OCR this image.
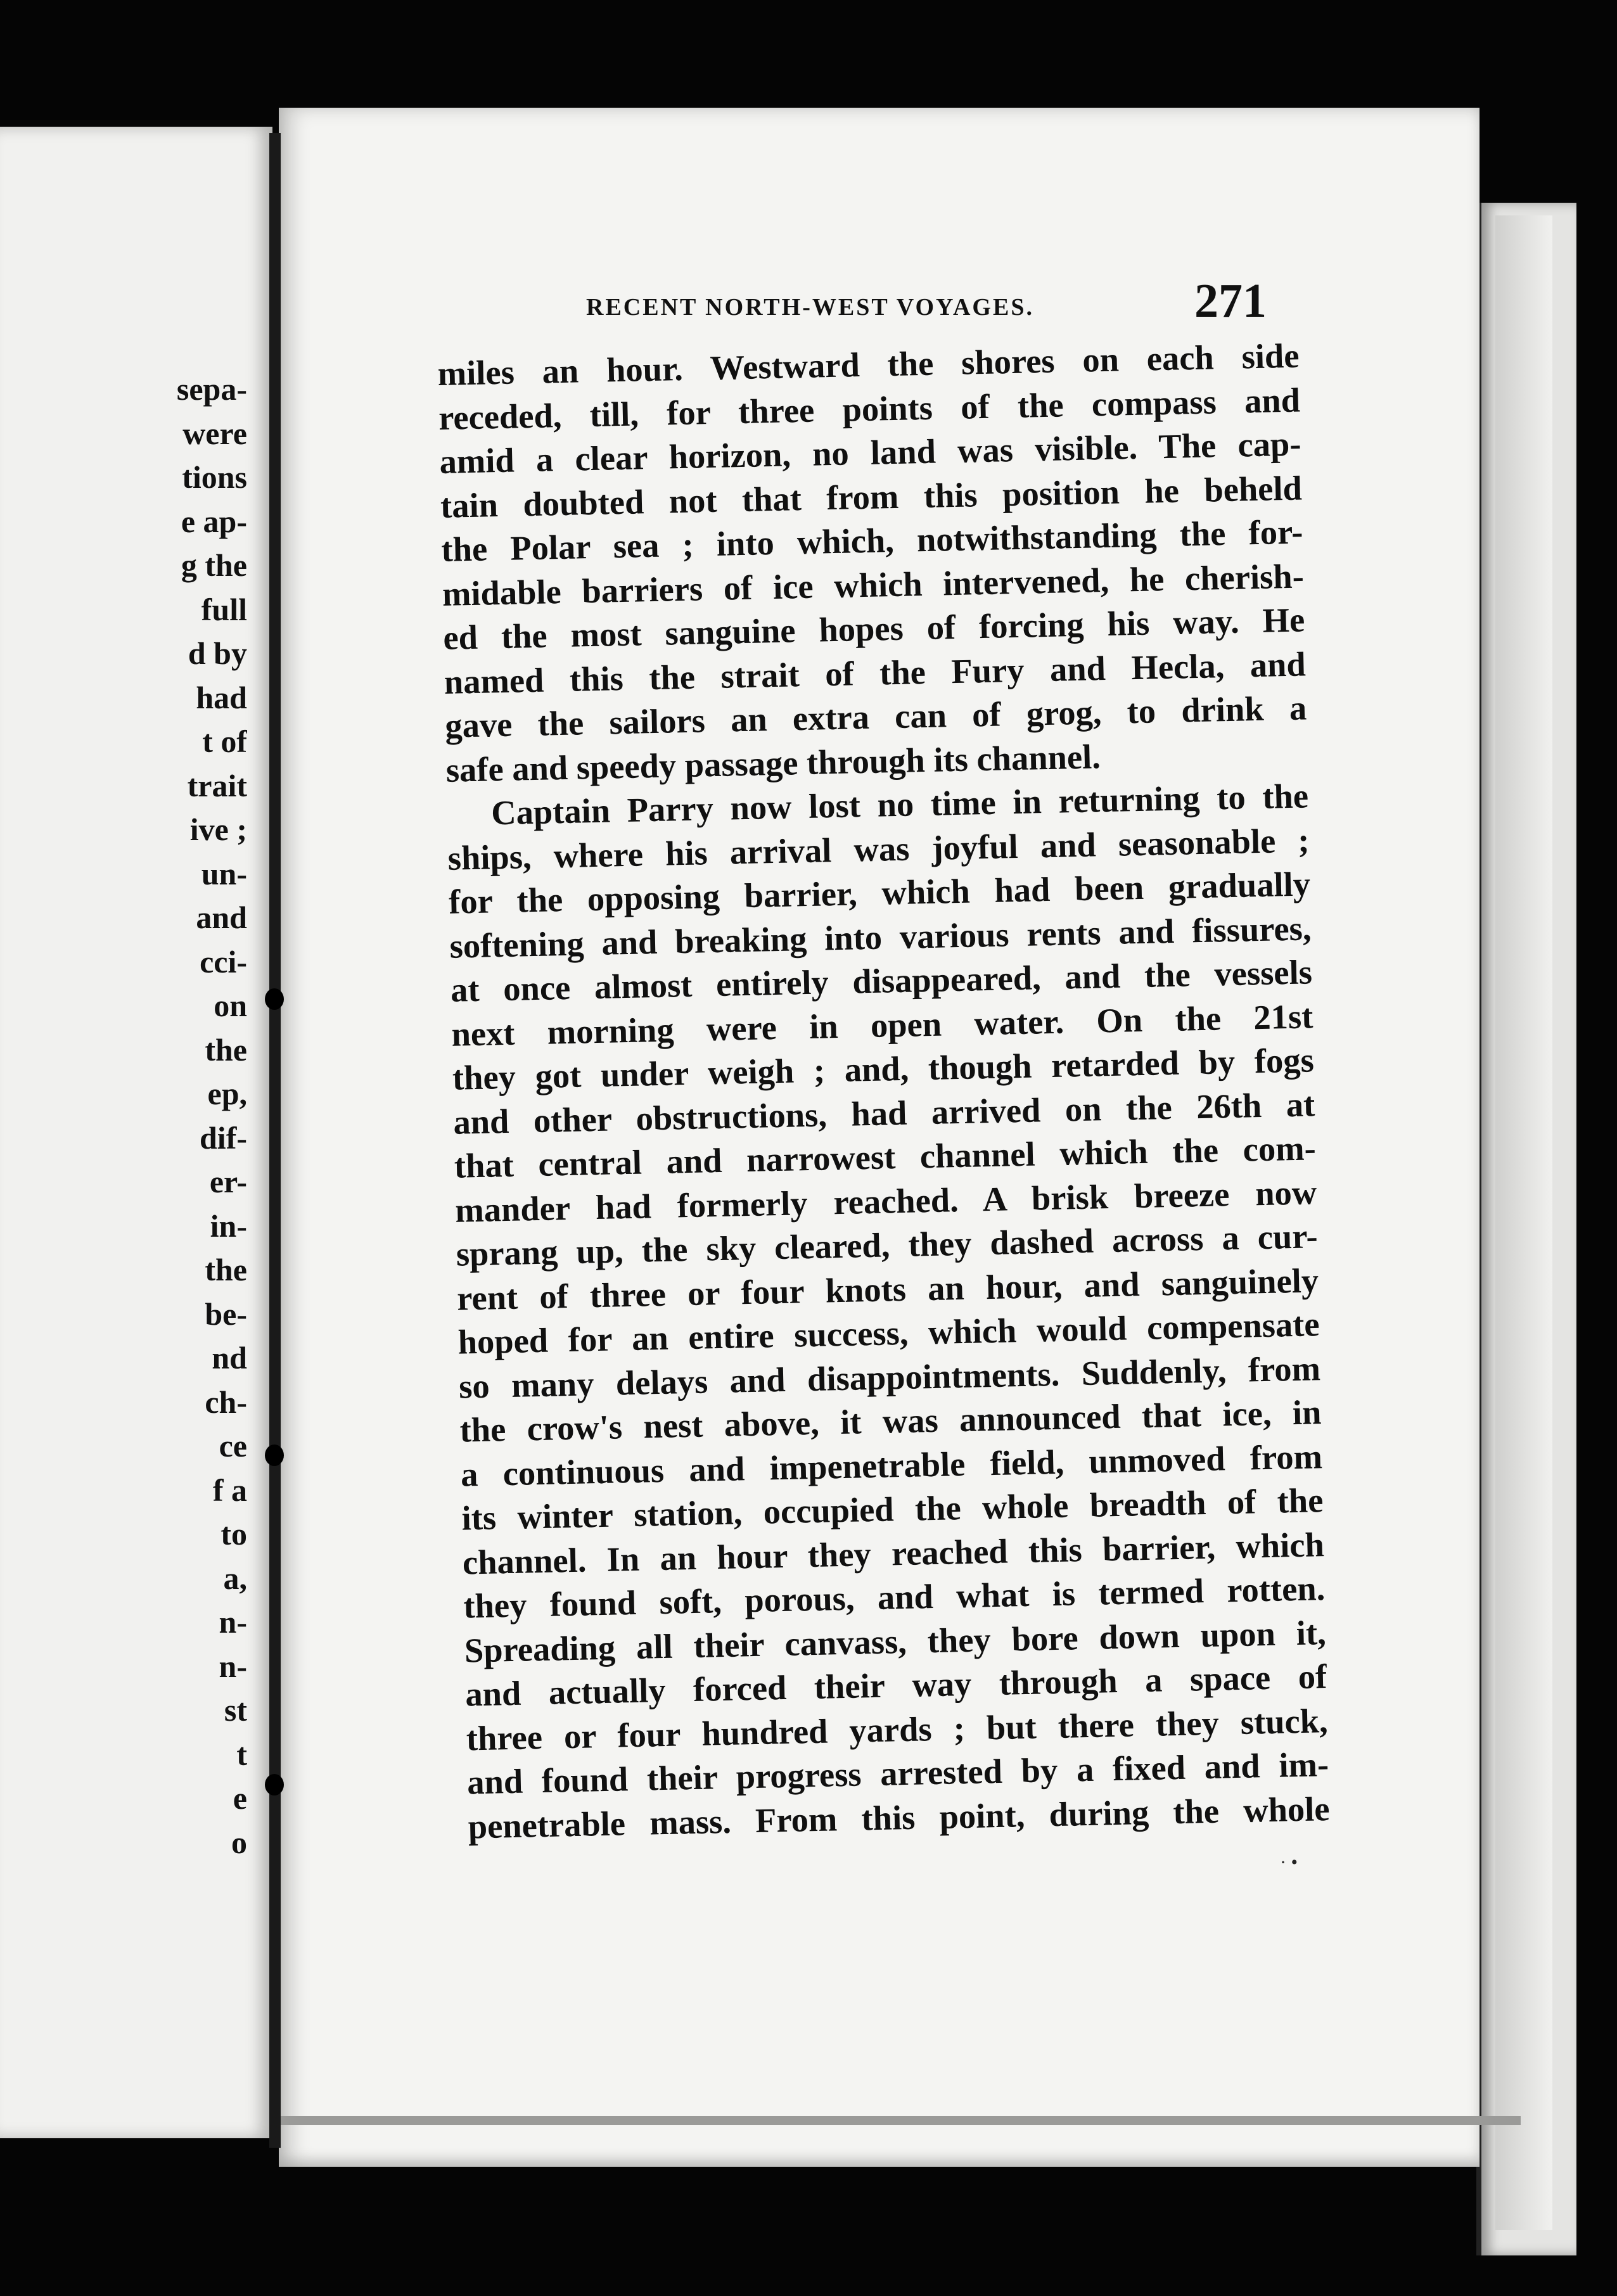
sepa-
were
tions
e ap-
g the
full
d by
had
t of
trait
ive ;
un-
and
cci-
on
the
ep,
dif-
er-
in-
the
be-
nd
ch-
ce
f a
to
a,
n-
n-
st
t
e
o
RECENT NORTH-WEST VOYAGES.	271
miles an hour. Westward the shores on each side
receded, till, for three points of the compass and
amid a clear horizon, no land was visible. The cap-
tain doubted not that from this position he beheld
the Polar sea ; into which, notwithstanding the for-
midable barriers of ice which intervened, he cherish-
ed the most sanguine hopes of forcing his way. He
named this the strait of the Fury and Hecla, and
gave the sailors an extra can of grog, to drink a
safe and speedy passage through its channel.
Captain Parry now lost no time in returning to the
ships, where his arrival was joyful and seasonable ;
for the opposing barrier, which had been gradually
softening and breaking into various rents and fissures,
at once almost entirely disappeared, and the vessels
next morning were in open water. On the 21st
they got under weigh ; and, though retarded by fogs
and other obstructions, had arrived on the 26th at
that central and narrowest channel which the com-
mander had formerly reached. A brisk breeze now
sprang up, the sky cleared, they dashed across a cur-
rent of three or four knots an hour, and sanguinely
hoped for an entire success, which would compensate
so many delays and disappointments. Suddenly, from
the crow's nest above, it was announced that ice, in
a continuous and impenetrable field, unmoved from
its winter station, occupied the whole breadth of the
channel. In an hour they reached this barrier, which
they found soft, porous, and what is termed rotten.
Spreading all their canvass, they bore down upon it,
and actually forced their way through a space of
three or four hundred yards ; but there they stuck,
and found their progress arrested by a fixed and im-
penetrable mass. From this point, during the whole
· •
